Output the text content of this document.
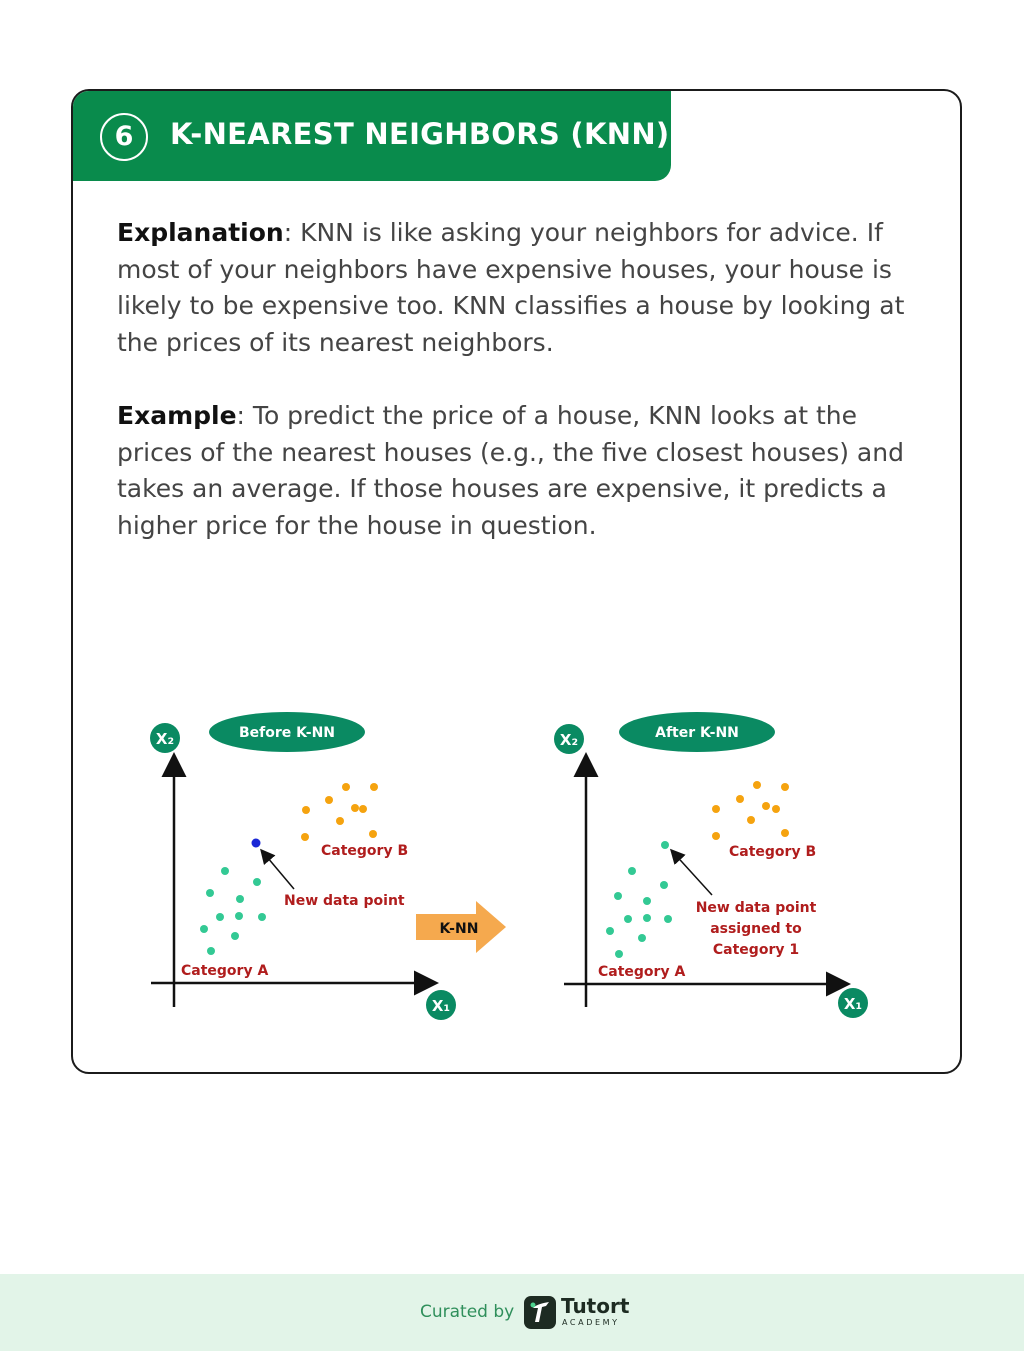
6	K-NEAREST NEIGHBORS (KNN)
Explanation: KNN is like asking your neighbors for advice. If most of your neighbors have expensive houses, your house is likely to be expensive too. KNN classifies a house by looking at the prices of its nearest neighbors.
Example: To predict the price of a house, KNN looks at the prices of the nearest houses (e.g., the five closest houses) and takes an average. If those houses are expensive, it predicts a higher price for the house in question.
Before K-NN
X₂
X₁
Category B
New data point
Category A
K-NN
After K-NN
X₂
X₁
Category B
New data point
assigned to
Category 1
Category A
Curated by Tutort
ACADEMY
